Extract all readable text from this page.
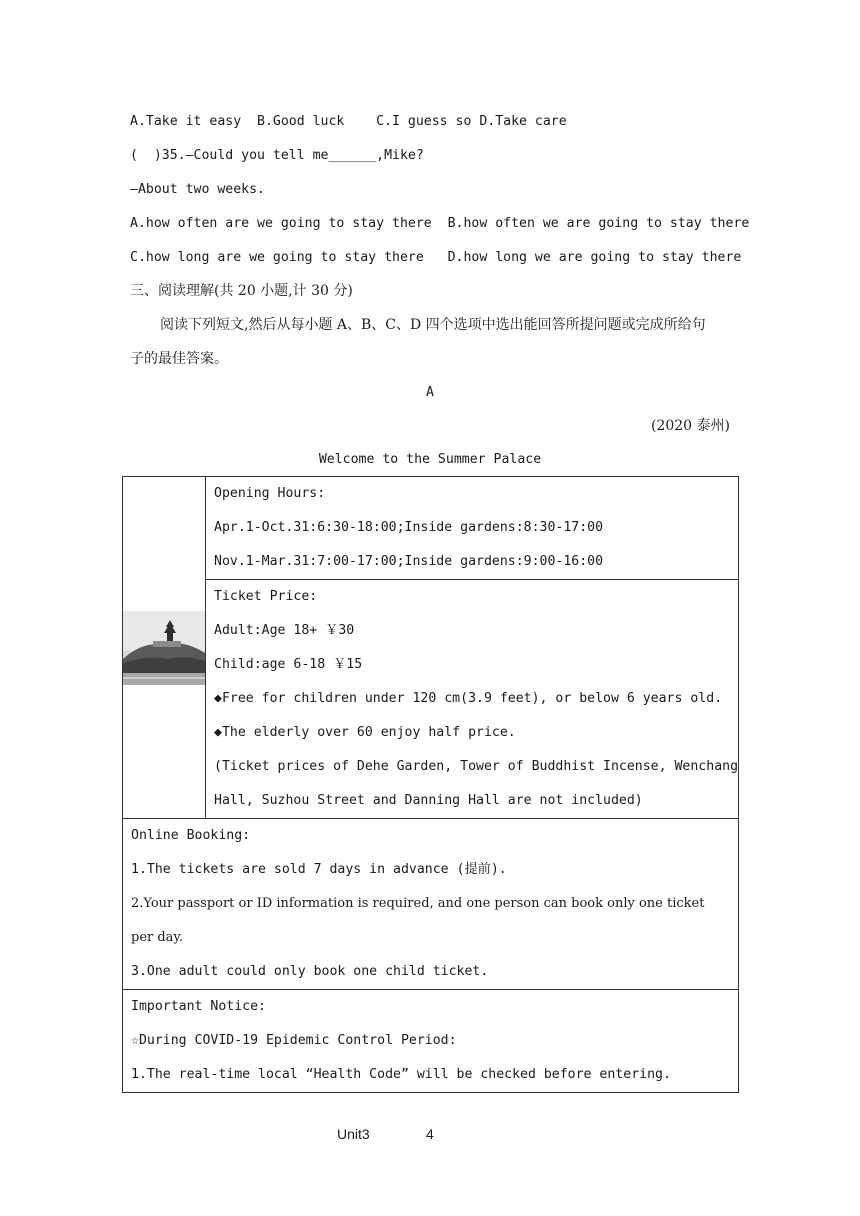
A.Take it easy  B.Good luck    C.I guess so D.Take care
(  )35.—Could you tell me______,Mike?
—About two weeks.
A.how often are we going to stay there  B.how often we are going to stay there
C.how long are we going to stay there   D.how long we are going to stay there
三、阅读理解(共 20 小题,计 30 分)
阅读下列短文,然后从每小题 A、B、C、D 四个选项中选出能回答所提问题或完成所给句
子的最佳答案。
A
(2020 泰州)
Welcome to the Summer Palace

Opening Hours:
Apr.1-Oct.31:6:30-18:00;Inside gardens:8:30-17:00
Nov.1-Mar.31:7:00-17:00;Inside gardens:9:00-16:00

Ticket Price:
Adult:Age 18+ ￥30
Child:age 6-18 ￥15
◆Free for children under 120 cm(3.9 feet), or below 6 years old.
◆The elderly over 60 enjoy half price.
(Ticket prices of Dehe Garden, Tower of Buddhist Incense, Wenchang
Hall, Suzhou Street and Danning Hall are not included)

Online Booking:
1.The tickets are sold 7 days in advance (提前).
2.Your passport or ID information is required, and one person can book only one ticket
per day.
3.One adult could only book one child ticket.

Important Notice:
☆During COVID-19 Epidemic Control Period:
1.The real-time local “Health Code” will be checked before entering.
Unit3	4
